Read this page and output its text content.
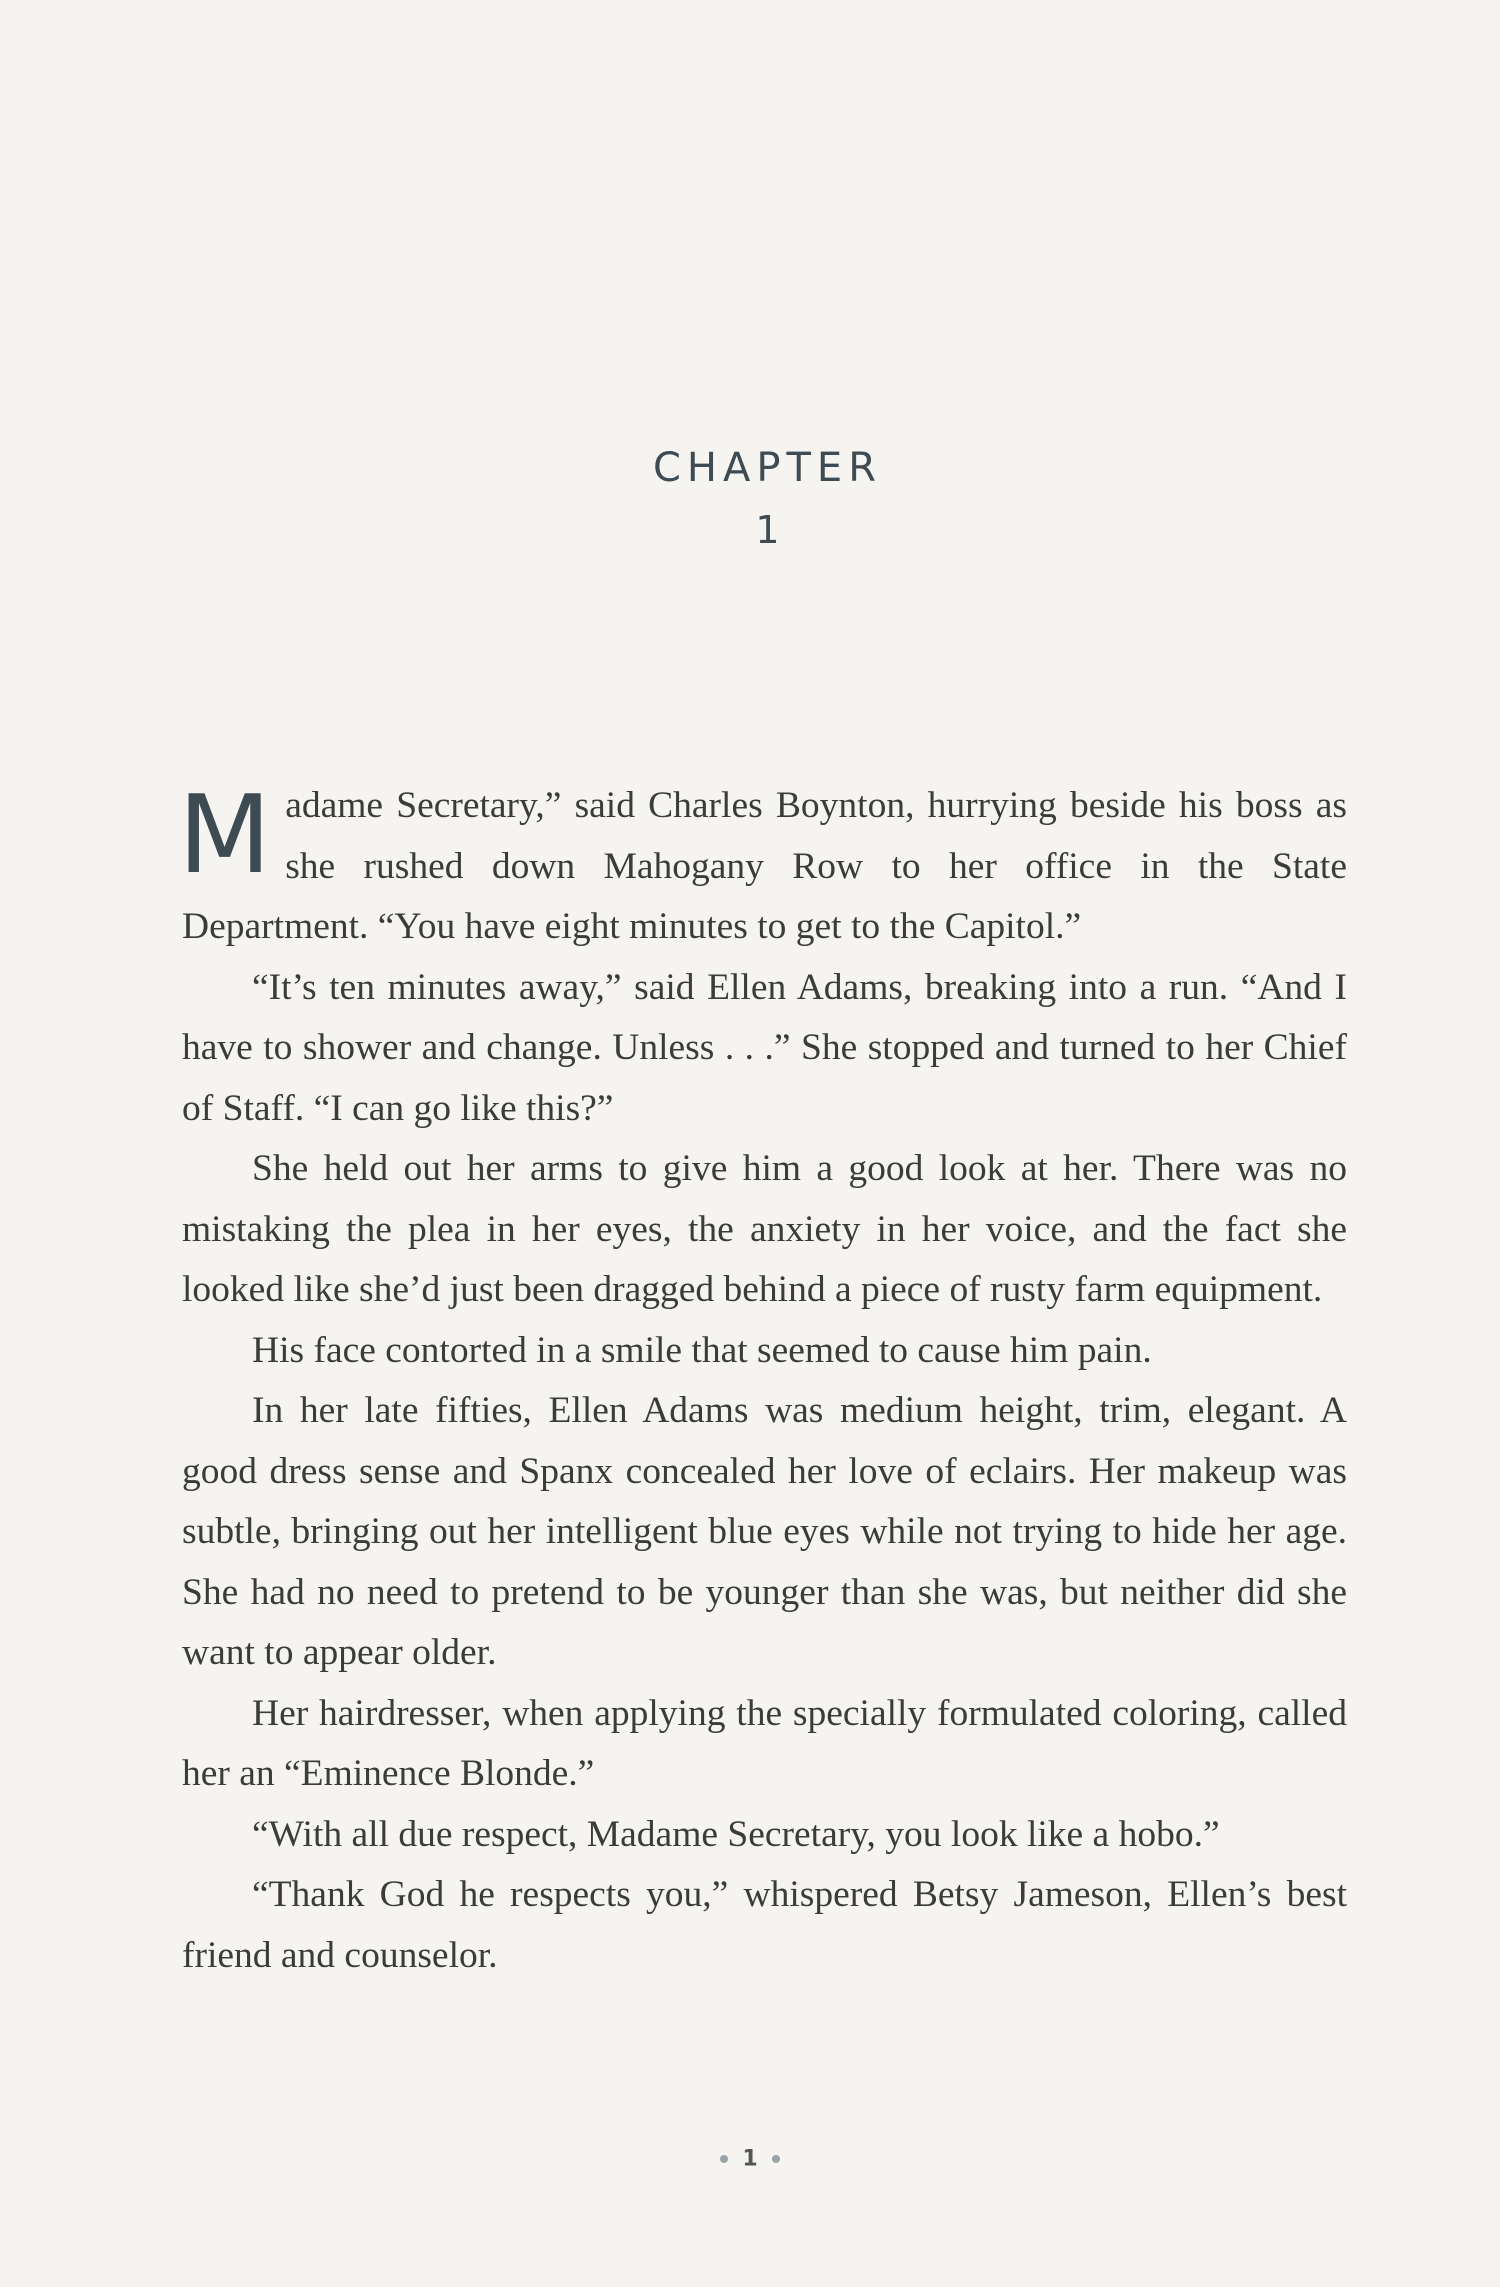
CHAPTER
1

Madame Secretary,” said Charles Boynton, hurrying beside his boss as she rushed down Mahogany Row to her office in the State Department. “You have eight minutes to get to the Capitol.”

“It’s ten minutes away,” said Ellen Adams, breaking into a run. “And I have to shower and change. Unless . . .” She stopped and turned to her Chief of Staff. “I can go like this?”

She held out her arms to give him a good look at her. There was no mistaking the plea in her eyes, the anxiety in her voice, and the fact she looked like she’d just been dragged behind a piece of rusty farm equipment.

His face contorted in a smile that seemed to cause him pain.

In her late fifties, Ellen Adams was medium height, trim, elegant. A good dress sense and Spanx concealed her love of eclairs. Her makeup was subtle, bringing out her intelligent blue eyes while not trying to hide her age. She had no need to pretend to be younger than she was, but neither did she want to appear older.

Her hairdresser, when applying the specially formulated coloring, called her an “Eminence Blonde.”

“With all due respect, Madame Secretary, you look like a hobo.”

“Thank God he respects you,” whispered Betsy Jameson, Ellen’s best friend and counselor.

1
